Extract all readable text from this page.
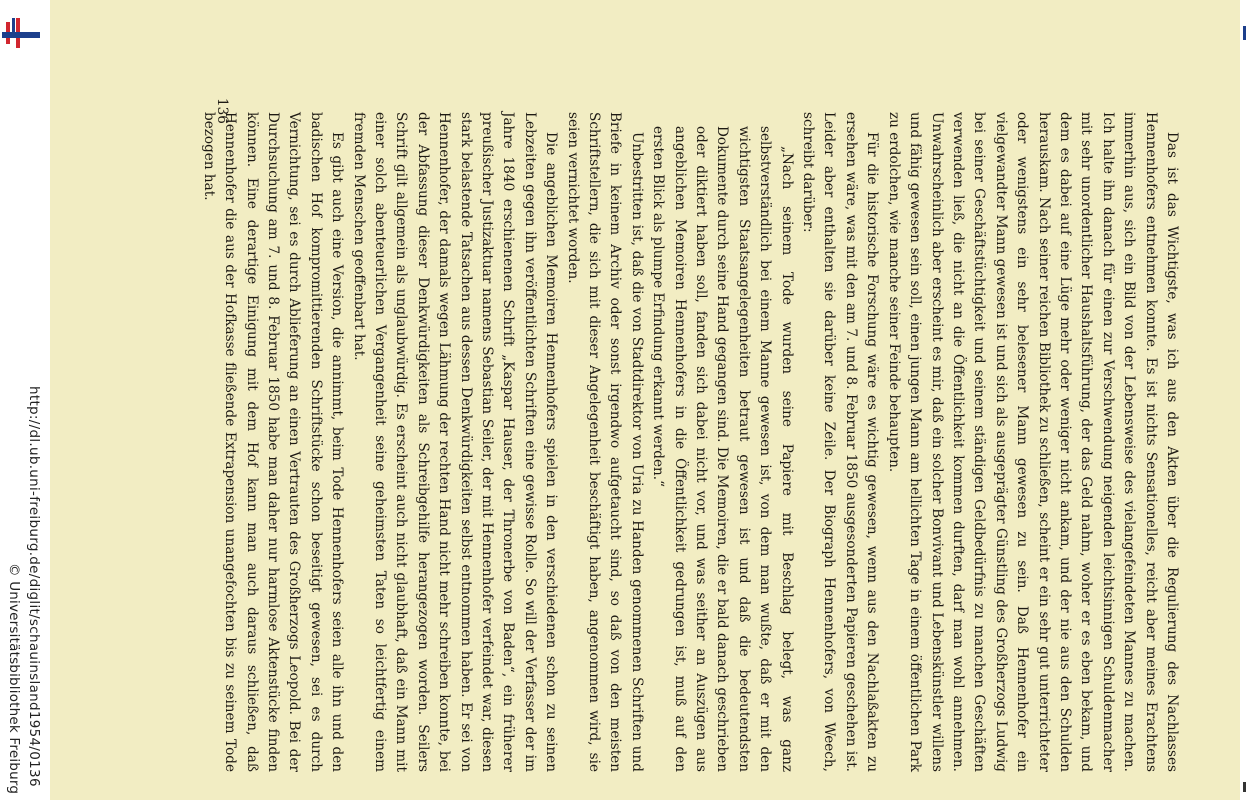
http://dl.ub.uni-freiburg.de/diglit/schauinsland1954/0136
© Universitätsbibliothek Freiburg	Das ist das Wichtigste, was ich aus den Akten über die Regulierung des Nachlasses Hennenhofers entnehmen konnte. Es ist nichts Sensationelles, reicht aber meines Erachtens immerhin aus, sich ein Bild von der Lebensweise des vielangefeindeten Mannes zu machen. Ich halte ihn danach für einen zur Verschwendung neigenden leichtsinnigen Schuldenmacher mit sehr unordentlicher Haushaltsführung, der das Geld nahm, woher er es eben bekam, und dem es dabei auf eine Lüge mehr oder weniger nicht ankam, und der nie aus den Schulden herauskam. Nach seiner reichen Bibliothek zu schließen, scheint er ein sehr gut unterrichteter oder wenigstens ein sehr belesener Mann gewesen zu sein. Daß Hennenhofer ein vielgewandter Mann gewesen ist und sich als ausgeprägter Günstling des Großherzogs Ludwig bei seiner Geschäftstüchtigkeit und seinem ständigen Geldbedürfnis zu manchen Geschäften verwenden ließ, die nicht an die Öffentlichkeit kommen durften, darf man wohl annehmen. Unwahrscheinlich aber erscheint es mir, daß ein solcher Bonvivant und Lebenskünstler willens und fähig gewesen sein soll, einen jungen Mann am hellichten Tage in einem öffentlichen Park zu erdolchen, wie manche seiner Feinde behaupten.

Für die historische Forschung wäre es wichtig gewesen, wenn aus den Nachlaßakten zu ersehen wäre, was mit den am 7. und 8. Februar 1850 ausgesonderten Papieren geschehen ist. Leider aber enthalten sie darüber keine Zeile. Der Biograph Hennenhofers, von Weech, schreibt darüber:

„Nach seinem Tode wurden seine Papiere mit Beschlag belegt, was ganz selbstverständlich bei einem Manne gewesen ist, von dem man wußte, daß er mit den wichtigsten Staatsangelegenheiten betraut gewesen ist und daß die bedeutendsten Dokumente durch seine Hand gegangen sind. Die Memoiren, die er bald danach geschrieben oder diktiert haben soll, fanden sich dabei nicht vor, und was seither an Auszügen aus angeblichen Memoiren Hennenhofers in die Öffentlichkeit gedrungen ist, muß auf den ersten Blick als plumpe Erfindung erkannt werden.“

Unbestritten ist, daß die von Stadtdirektor von Uria zu Handen genommenen Schriften und Briefe in keinem Archiv oder sonst irgendwo aufgetaucht sind, so daß von den meisten Schriftstellern, die sich mit dieser Angelegenheit beschäftigt haben, angenommen wird, sie seien vernichtet worden.

Die angeblichen Memoiren Hennenhofers spielen in den verschiedenen schon zu seinen Lebzeiten gegen ihn veröffentlichten Schriften eine gewisse Rolle. So will der Verfasser der im Jahre 1840 erschienenen Schrift „Kaspar Hauser, der Thronerbe von Baden“, ein früherer preußischer Justizaktuar namens Sebastian Seiler, der mit Hennenhofer verfeindet war, diesen stark belastende Tatsachen aus dessen Denkwürdigkeiten selbst entnommen haben. Er sei von Hennenhofer, der damals wegen Lähmung der rechten Hand nicht mehr schreiben konnte, bei der Abfassung dieser Denkwürdigkeiten als Schreibgehilfe herangezogen worden. Seilers Schrift gilt allgemein als unglaubwürdig. Es erscheint auch nicht glaubhaft, daß ein Mann mit einer solch abenteuerlichen Vergangenheit seine geheimsten Taten so leichtfertig einem fremden Menschen geoffenbart hat.

Es gibt auch eine Version, die annimmt, beim Tode Hennenhofers seien alle ihn und den badischen Hof kompromittierenden Schriftstücke schon beseitigt gewesen, sei es durch Vernichtung, sei es durch Ablieferung an einen Vertrauten des Großherzogs Leopold. Bei der Durchsuchung am 7. und 8. Februar 1850 habe man daher nur harmlose Aktenstücke finden können. Eine derartige Einigung mit dem Hof kann man auch daraus schließen, daß Hennenhofer die aus der Hofkasse fließende Extrapension unangefochten bis zu seinem Tode bezogen hat.

136
